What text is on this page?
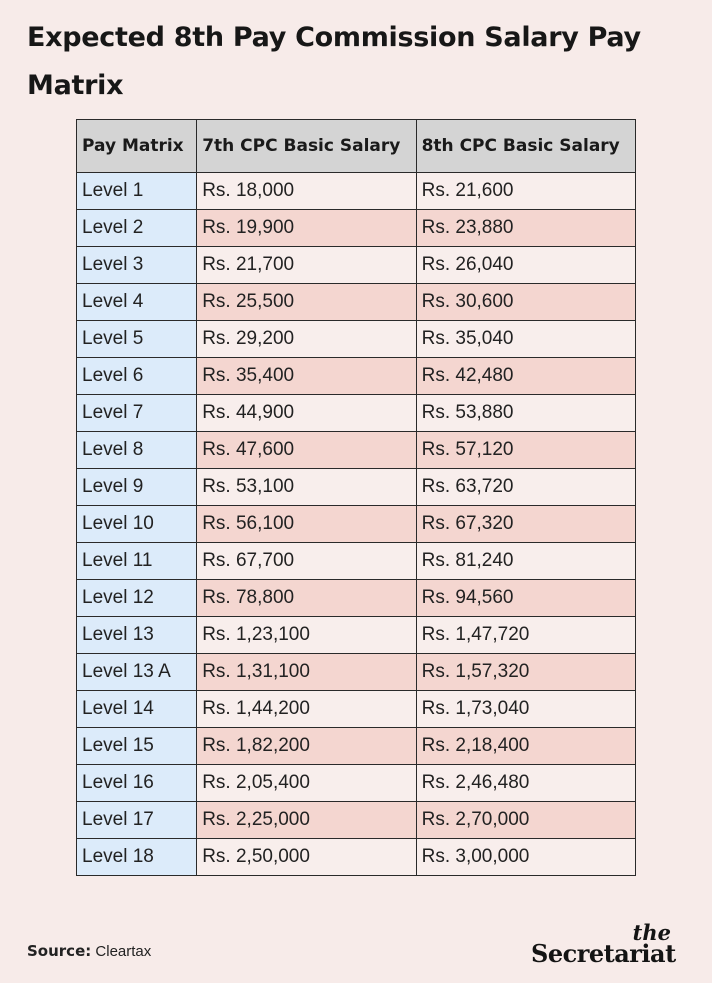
Expected 8th Pay Commission Salary Pay Matrix
Pay Matrix	7th CPC Basic Salary	8th CPC Basic Salary
Level 1	Rs. 18,000	Rs. 21,600
Level 2	Rs. 19,900	Rs. 23,880
Level 3	Rs. 21,700	Rs. 26,040
Level 4	Rs. 25,500	Rs. 30,600
Level 5	Rs. 29,200	Rs. 35,040
Level 6	Rs. 35,400	Rs. 42,480
Level 7	Rs. 44,900	Rs. 53,880
Level 8	Rs. 47,600	Rs. 57,120
Level 9	Rs. 53,100	Rs. 63,720
Level 10	Rs. 56,100	Rs. 67,320
Level 11	Rs. 67,700	Rs. 81,240
Level 12	Rs. 78,800	Rs. 94,560
Level 13	Rs. 1,23,100	Rs. 1,47,720
Level 13 A	Rs. 1,31,100	Rs. 1,57,320
Level 14	Rs. 1,44,200	Rs. 1,73,040
Level 15	Rs. 1,82,200	Rs. 2,18,400
Level 16	Rs. 2,05,400	Rs. 2,46,480
Level 17	Rs. 2,25,000	Rs. 2,70,000
Level 18	Rs. 2,50,000	Rs. 3,00,000
Source: Cleartax
the
Secretariat
